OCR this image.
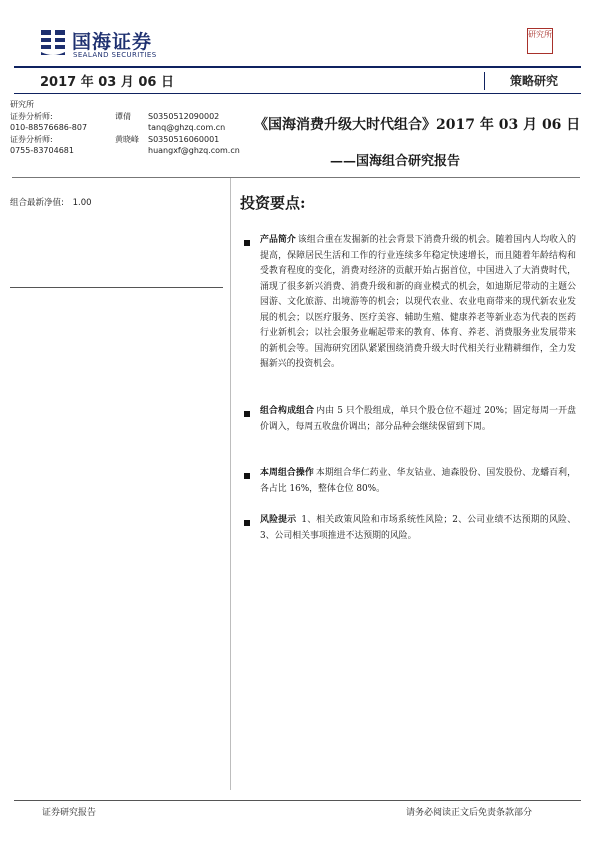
国海证券
SEALAND SECURITIES
研究所
2017 年 03 月 06 日	策略研究
研究所
证券分析师:	谭倩 S0350512090002
010-88576686-807	tanq@ghzq.com.cn
证券分析师:	黄晓峰 S0350516060001
0755-83704681	huangxf@ghzq.com.cn
《国海消费升级大时代组合》2017 年 03 月 06 日
——国海组合研究报告
组合最新净值: 1.00	投资要点:
产品简介 该组合重在发掘新的社会背景下消费升级的机会。随着国内人均收入的提高，保障居民生活和工作的行业连续多年稳定快速增长，而且随着年龄结构和受教育程度的变化，消费对经济的贡献开始占据首位，中国进入了大消费时代，涌现了很多新兴消费、消费升级和新的商业模式的机会，如迪斯尼带动的主题公园游、文化旅游、出境游等的机会；以现代农业、农业电商带来的现代新农业发展的机会；以医疗服务、医疗美容、辅助生殖、健康养老等新业态为代表的医药行业新机会；以社会服务业崛起带来的教育、体育、养老、消费服务业发展带来的新机会等。国海研究团队紧紧围绕消费升级大时代相关行业精耕细作，全力发掘新兴的投资机会。
组合构成组合 内由 5 只个股组成，单只个股仓位不超过 20%；固定每周一开盘价调入，每周五收盘价调出；部分品种会继续保留到下周。
本周组合操作 本期组合华仁药业、华友钴业、迪森股份、国发股份、龙蟠百利，各占比 16%，整体仓位 80%。
风险提示 1、相关政策风险和市场系统性风险；2、公司业绩不达预期的风险、3、公司相关事项推进不达预期的风险。
证券研究报告	请务必阅读正文后免责条款部分
